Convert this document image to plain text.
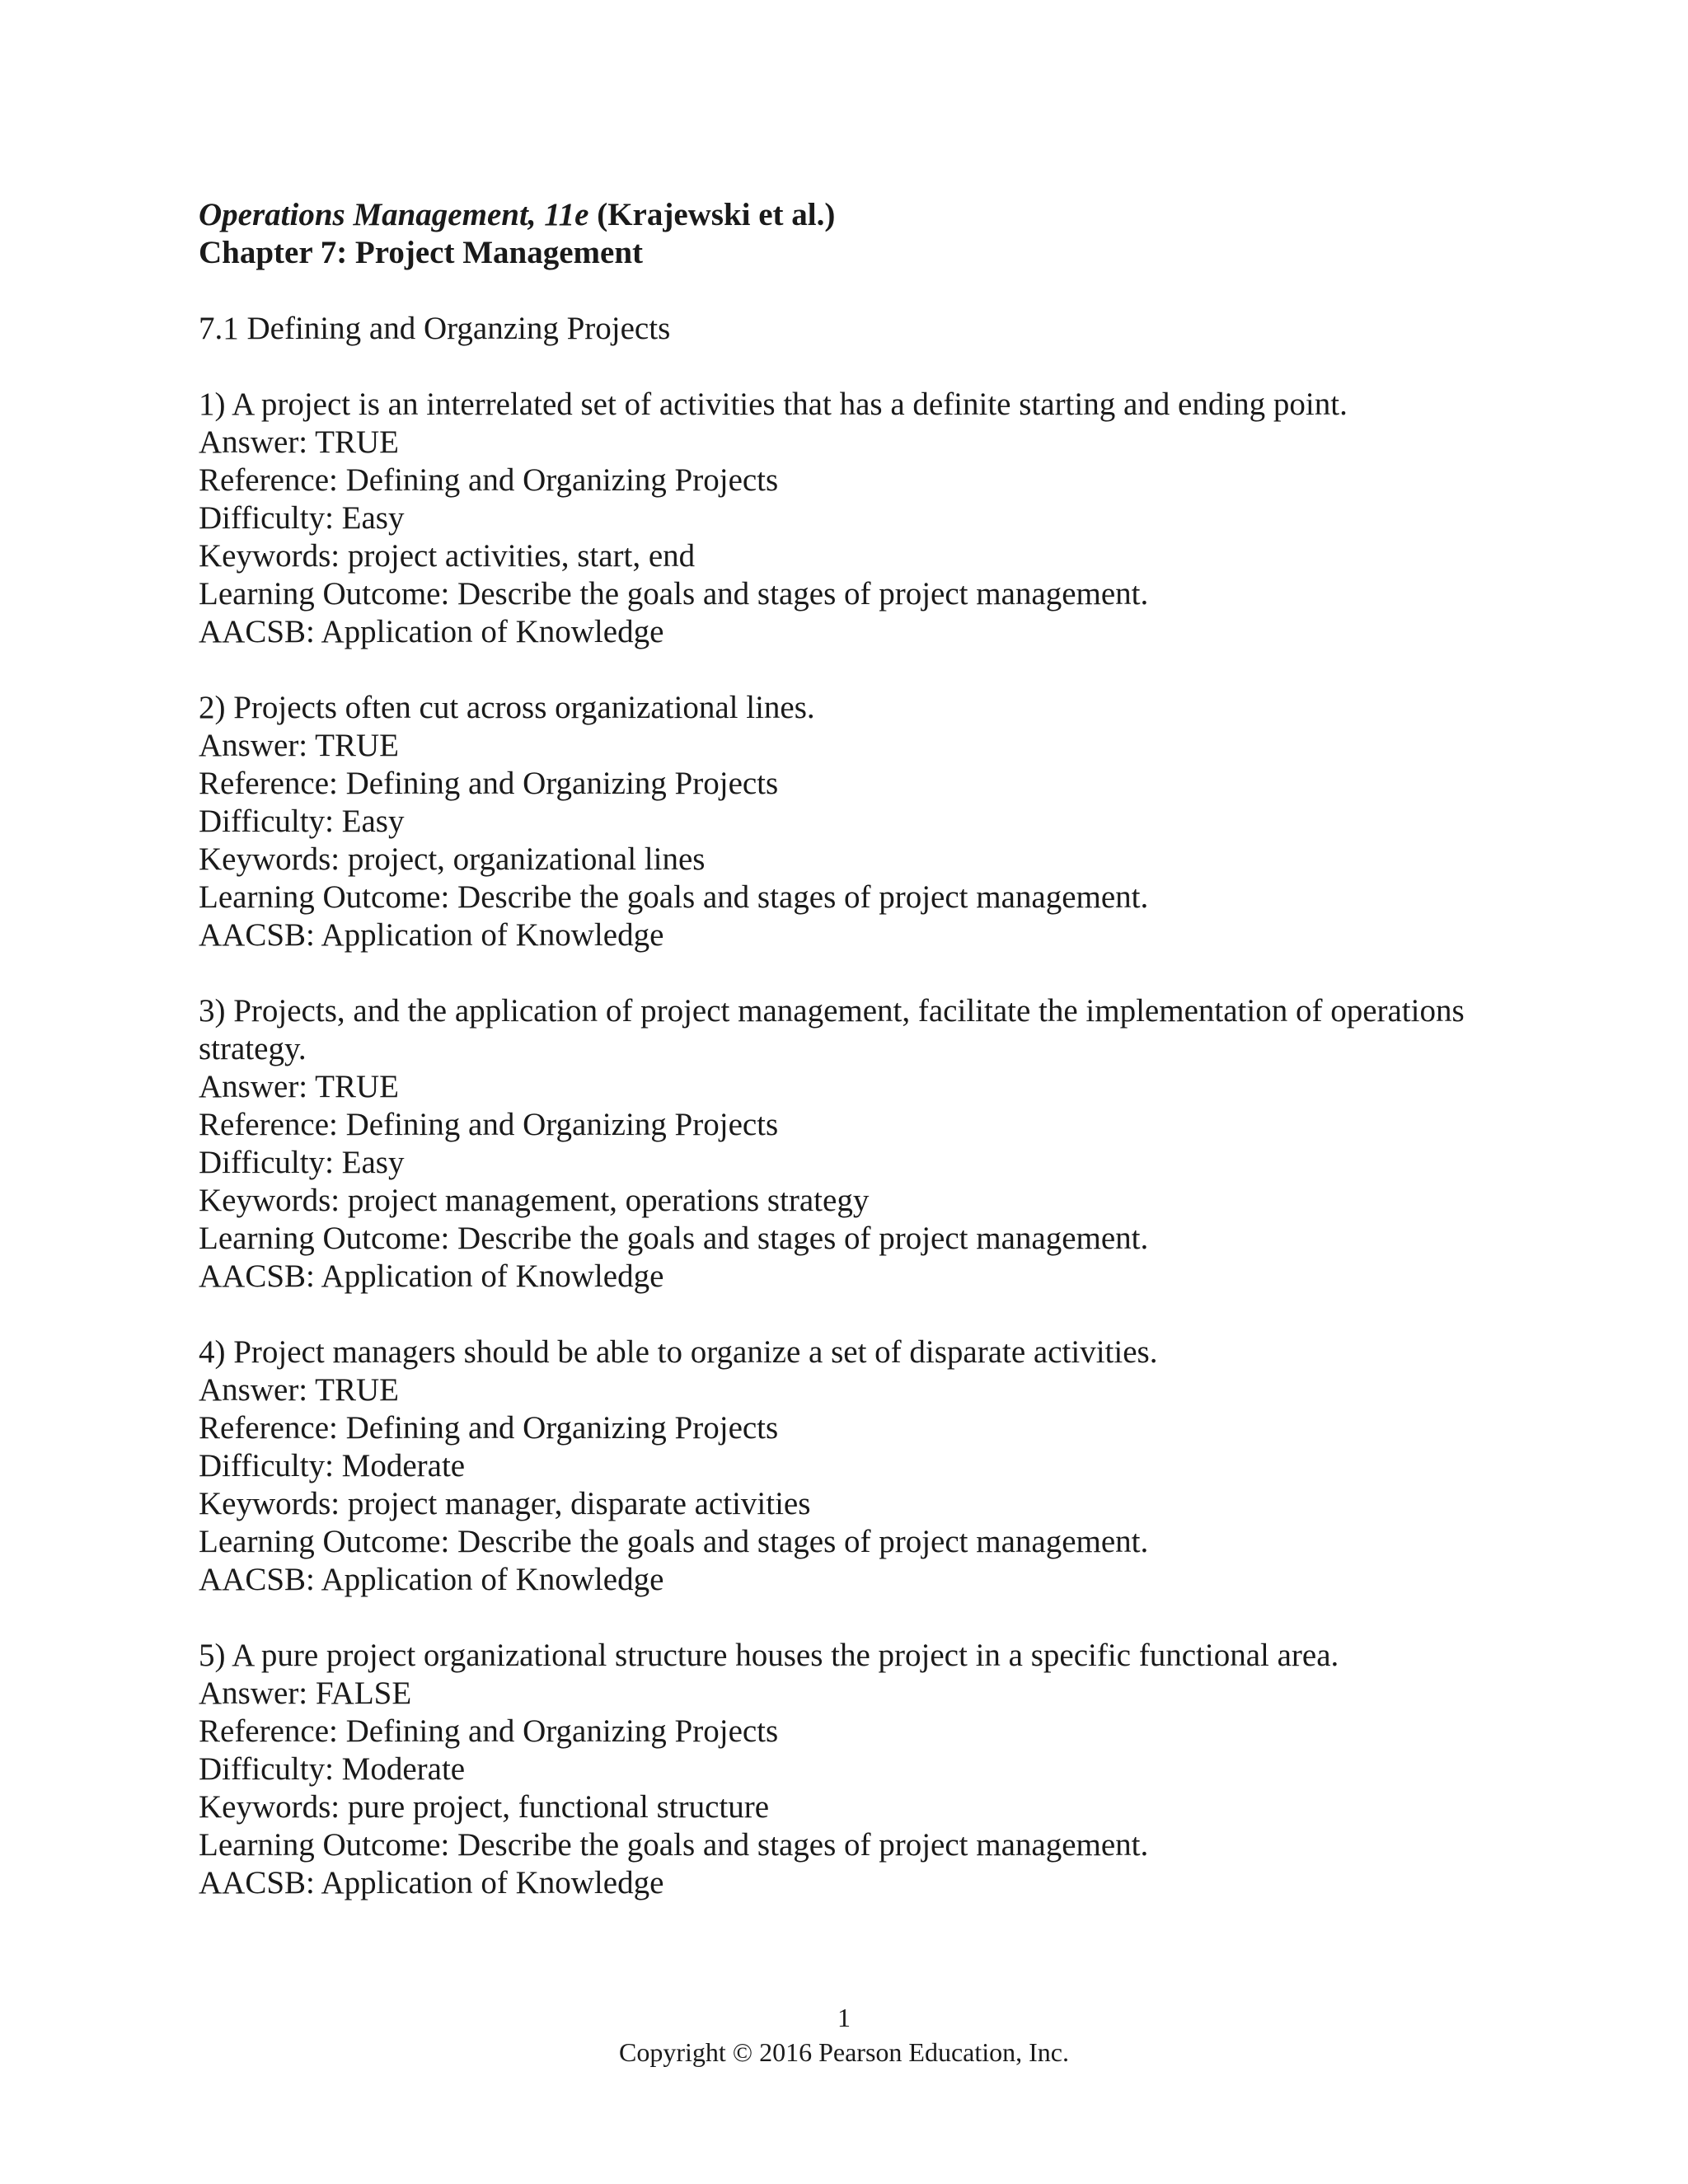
Operations Management, 11e (Krajewski et al.)
Chapter 7: Project Management
7.1 Defining and Organzing Projects
1) A project is an interrelated set of activities that has a definite starting and ending point.
Answer: TRUE
Reference: Defining and Organizing Projects
Difficulty: Easy
Keywords: project activities, start, end
Learning Outcome: Describe the goals and stages of project management.
AACSB: Application of Knowledge
2) Projects often cut across organizational lines.
Answer: TRUE
Reference: Defining and Organizing Projects
Difficulty: Easy
Keywords: project, organizational lines
Learning Outcome: Describe the goals and stages of project management.
AACSB: Application of Knowledge
3) Projects, and the application of project management, facilitate the implementation of operations strategy.
Answer: TRUE
Reference: Defining and Organizing Projects
Difficulty: Easy
Keywords: project management, operations strategy
Learning Outcome: Describe the goals and stages of project management.
AACSB: Application of Knowledge
4) Project managers should be able to organize a set of disparate activities.
Answer: TRUE
Reference: Defining and Organizing Projects
Difficulty: Moderate
Keywords: project manager, disparate activities
Learning Outcome: Describe the goals and stages of project management.
AACSB: Application of Knowledge
5) A pure project organizational structure houses the project in a specific functional area.
Answer: FALSE
Reference: Defining and Organizing Projects
Difficulty: Moderate
Keywords: pure project, functional structure
Learning Outcome: Describe the goals and stages of project management.
AACSB: Application of Knowledge
1
Copyright © 2016 Pearson Education, Inc.
